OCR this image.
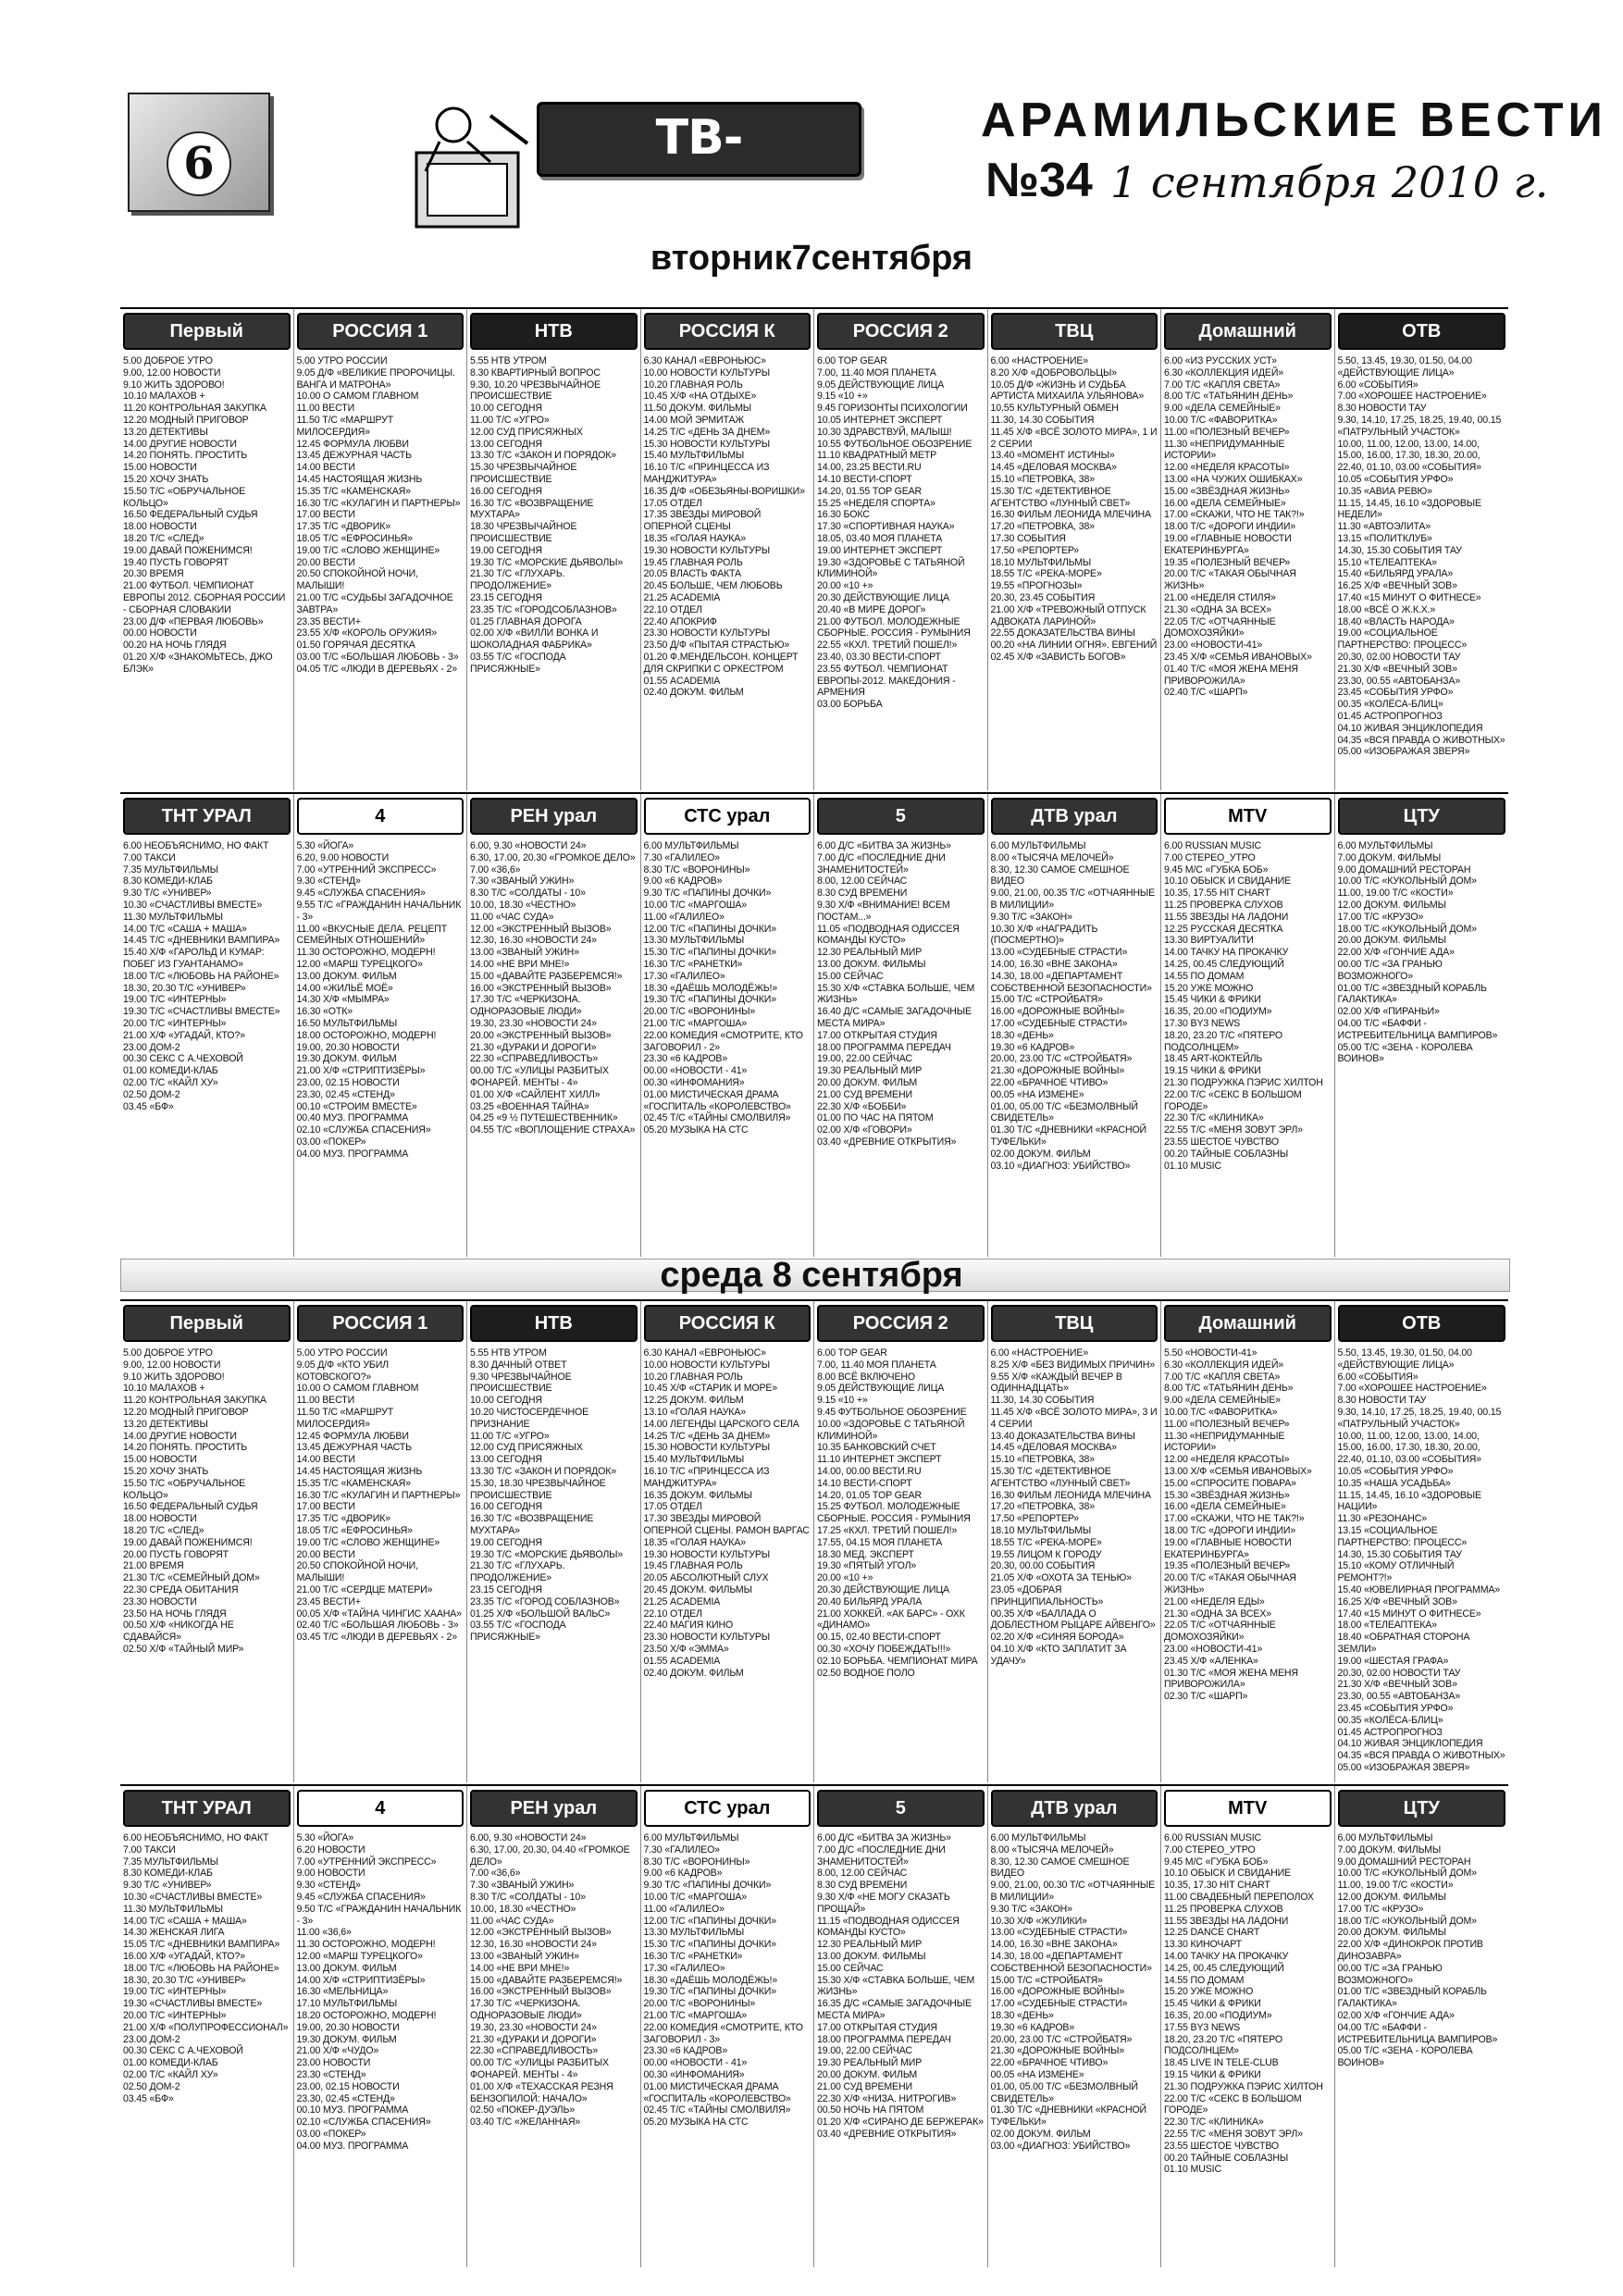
6	ТВ-программа
АРАМИЛЬСКИЕ ВЕСТИ
№34 1 сентября 2010 г.
вторник7сентября
Первый
5.00 ДОБРОЕ УТРО
9.00, 12.00 НОВОСТИ
9.10 ЖИТЬ ЗДОРОВО!
10.10 МАЛАХОВ +
11.20 КОНТРОЛЬНАЯ ЗАКУПКА
12.20 МОДНЫЙ ПРИГОВОР
13.20 ДЕТЕКТИВЫ
14.00 ДРУГИЕ НОВОСТИ
14.20 ПОНЯТЬ. ПРОСТИТЬ
15.00 НОВОСТИ
15.20 ХОЧУ ЗНАТЬ
15.50 Т/С «ОБРУЧАЛЬНОЕ КОЛЬЦО»
16.50 ФЕДЕРАЛЬНЫЙ СУДЬЯ
18.00 НОВОСТИ
18.20 Т/С «СЛЕД»
19.00 ДАВАЙ ПОЖЕНИМСЯ!
19.40 ПУСТЬ ГОВОРЯТ
20.30 ВРЕМЯ
21.00 ФУТБОЛ. ЧЕМПИОНАТ ЕВРОПЫ 2012. СБОРНАЯ РОССИИ - СБОРНАЯ СЛОВАКИИ
23.00 Д/Ф «ПЕРВАЯ ЛЮБОВЬ»
00.00 НОВОСТИ
00.20 НА НОЧЬ ГЛЯДЯ
01.20 Х/Ф «ЗНАКОМЬТЕСЬ, ДЖО БЛЭК»
РОССИЯ 1
5.00 УТРО РОССИИ
9.05 Д/Ф «ВЕЛИКИЕ ПРОРОЧИЦЫ. ВАНГА И МАТРОНА»
10.00 О САМОМ ГЛАВНОМ
11.00 ВЕСТИ
11.50 Т/С «МАРШРУТ МИЛОСЕРДИЯ»
12.45 ФОРМУЛА ЛЮБВИ
13.45 ДЕЖУРНАЯ ЧАСТЬ
14.00 ВЕСТИ
14.45 НАСТОЯЩАЯ ЖИЗНЬ
15.35 Т/С «КАМЕНСКАЯ»
16.30 Т/С «КУЛАГИН И ПАРТНЕРЫ»
17.00 ВЕСТИ
17.35 Т/С «ДВОРИК»
18.05 Т/С «ЕФРОСИНЬЯ»
19.00 Т/С «СЛОВО ЖЕНЩИНЕ»
20.00 ВЕСТИ
20.50 СПОКОЙНОЙ НОЧИ, МАЛЫШИ!
21.00 Т/С «СУДЬБЫ ЗАГАДОЧНОЕ ЗАВТРА»
23.35 ВЕСТИ+
23.55 Х/Ф «КОРОЛЬ ОРУЖИЯ»
01.50 ГОРЯЧАЯ ДЕСЯТКА
03.00 Т/С «БОЛЬШАЯ ЛЮБОВЬ - 3»
04.05 Т/С «ЛЮДИ В ДЕРЕВЬЯХ - 2»
НТВ
5.55 НТВ УТРОМ
8.30 КВАРТИРНЫЙ ВОПРОС
9.30, 10.20 ЧРЕЗВЫЧАЙНОЕ ПРОИСШЕСТВИЕ
10.00 СЕГОДНЯ
11.00 Т/С «УГРО»
12.00 СУД ПРИСЯЖНЫХ
13.00 СЕГОДНЯ
13.30 Т/С «ЗАКОН И ПОРЯДОК»
15.30 ЧРЕЗВЫЧАЙНОЕ ПРОИСШЕСТВИЕ
16.00 СЕГОДНЯ
16.30 Т/С «ВОЗВРАЩЕНИЕ МУХТАРА»
18.30 ЧРЕЗВЫЧАЙНОЕ ПРОИСШЕСТВИЕ
19.00 СЕГОДНЯ
19.30 Т/С «МОРСКИЕ ДЬЯВОЛЫ»
21.30 Т/С «ГЛУХАРЬ. ПРОДОЛЖЕНИЕ»
23.15 СЕГОДНЯ
23.35 Т/С «ГОРОДСОБЛАЗНОВ»
01.25 ГЛАВНАЯ ДОРОГА
02.00 Х/Ф «ВИЛЛИ ВОНКА И ШОКОЛАДНАЯ ФАБРИКА»
03.55 Т/С «ГОСПОДА ПРИСЯЖНЫЕ»
РОССИЯ К
6.30 КАНАЛ «ЕВРОНЬЮС»
10.00 НОВОСТИ КУЛЬТУРЫ
10.20 ГЛАВНАЯ РОЛЬ
10.45 Х/Ф «НА ОТДЫХЕ»
11.50 ДОКУМ. ФИЛЬМЫ
14.00 МОЙ ЭРМИТАЖ
14.25 Т/С «ДЕНЬ ЗА ДНЕМ»
15.30 НОВОСТИ КУЛЬТУРЫ
15.40 МУЛЬТФИЛЬМЫ
16.10 Т/С «ПРИНЦЕССА ИЗ МАНДЖИТУРА»
16.35 Д/Ф «ОБЕЗЬЯНЫ-ВОРИШКИ»
17.05 ОТДЕЛ
17.35 ЗВЕЗДЫ МИРОВОЙ ОПЕРНОЙ СЦЕНЫ
18.35 «ГОЛАЯ НАУКА»
19.30 НОВОСТИ КУЛЬТУРЫ
19.45 ГЛАВНАЯ РОЛЬ
20.05 ВЛАСТЬ ФАКТА
20.45 БОЛЬШЕ, ЧЕМ ЛЮБОВЬ
21.25 ACADEMIA
22.10 ОТДЕЛ
22.40 АПОКРИФ
23.30 НОВОСТИ КУЛЬТУРЫ
23.50 Д/Ф «ПЫТАЯ СТРАСТЬЮ»
01.20 Ф.МЕНДЕЛЬСОН. КОНЦЕРТ ДЛЯ СКРИПКИ С ОРКЕСТРОМ
01.55 ACADEMIA
02.40 ДОКУМ. ФИЛЬМ
РОССИЯ 2
6.00 TOP GEAR
7.00, 11.40 МОЯ ПЛАНЕТА
9.05 ДЕЙСТВУЮЩИЕ ЛИЦА
9.15 «10 +»
9.45 ГОРИЗОНТЫ ПСИХОЛОГИИ
10.05 ИНТЕРНЕТ ЭКСПЕРТ
10.30 ЗДРАВСТВУЙ, МАЛЫШ!
10.55 ФУТБОЛЬНОЕ ОБОЗРЕНИЕ
11.10 КВАДРАТНЫЙ МЕТР
14.00, 23.25 ВЕСТИ.RU
14.10 ВЕСТИ-СПОРТ
14.20, 01.55 TOP GEAR
15.25 «НЕДЕЛЯ СПОРТА»
16.30 БОКС
17.30 «СПОРТИВНАЯ НАУКА»
18.05, 03.40 МОЯ ПЛАНЕТА
19.00 ИНТЕРНЕТ ЭКСПЕРТ
19.30 «ЗДОРОВЬЕ С ТАТЬЯНОЙ КЛИМИНОЙ»
20.00 «10 +»
20.30 ДЕЙСТВУЮЩИЕ ЛИЦА
20.40 «В МИРЕ ДОРОГ»
21.00 ФУТБОЛ. МОЛОДЕЖНЫЕ СБОРНЫЕ. РОССИЯ - РУМЫНИЯ
22.55 «КХЛ. ТРЕТИЙ ПОШЕЛ!»
23.40, 03.30 ВЕСТИ-СПОРТ
23.55 ФУТБОЛ. ЧЕМПИОНАТ ЕВРОПЫ-2012. МАКЕДОНИЯ - АРМЕНИЯ
03.00 БОРЬБА
ТВЦ
6.00 «НАСТРОЕНИЕ»
8.20 Х/Ф «ДОБРОВОЛЬЦЫ»
10.05 Д/Ф «ЖИЗНЬ И СУДЬБА АРТИСТА МИХАИЛА УЛЬЯНОВА»
10.55 КУЛЬТУРНЫЙ ОБМЕН
11.30, 14.30 СОБЫТИЯ
11.45 Х/Ф «ВСЁ ЗОЛОТО МИРА», 1 И 2 СЕРИИ
13.40 «МОМЕНТ ИСТИНЫ»
14.45 «ДЕЛОВАЯ МОСКВА»
15.10 «ПЕТРОВКА, 38»
15.30 Т/С «ДЕТЕКТИВНОЕ АГЕНТСТВО «ЛУННЫЙ СВЕТ»
16.30 ФИЛЬМ ЛЕОНИДА МЛЕЧИНА
17.20 «ПЕТРОВКА, 38»
17.30 СОБЫТИЯ
17.50 «РЕПОРТЕР»
18.10 МУЛЬТФИЛЬМЫ
18.55 Т/С «РЕКА-МОРЕ»
19.55 «ПРОГНОЗЫ»
20.30, 23.45 СОБЫТИЯ
21.00 Х/Ф «ТРЕВОЖНЫЙ ОТПУСК АДВОКАТА ЛАРИНОЙ»
22.55 ДОКАЗАТЕЛЬСТВА ВИНЫ
00.20 «НА ЛИНИИ ОГНЯ». ЕВГЕНИЙ
02.45 Х/Ф «ЗАВИСТЬ БОГОВ»
Домашний
6.00 «ИЗ РУССКИХ УСТ»
6.30 «КОЛЛЕКЦИЯ ИДЕЙ»
7.00 Т/С «КАПЛЯ СВЕТА»
8.00 Т/С «ТАТЬЯНИН ДЕНЬ»
9.00 «ДЕЛА СЕМЕЙНЫЕ»
10.00 Т/С «ФАВОРИТКА»
11.00 «ПОЛЕЗНЫЙ ВЕЧЕР»
11.30 «НЕПРИДУМАННЫЕ ИСТОРИИ»
12.00 «НЕДЕЛЯ КРАСОТЫ»
13.00 «НА ЧУЖИХ ОШИБКАХ»
15.00 «ЗВЁЗДНАЯ ЖИЗНЬ»
16.00 «ДЕЛА СЕМЕЙНЫЕ»
17.00 «СКАЖИ, ЧТО НЕ ТАК?!»
18.00 Т/С «ДОРОГИ ИНДИИ»
19.00 «ГЛАВНЫЕ НОВОСТИ ЕКАТЕРИНБУРГА»
19.35 «ПОЛЕЗНЫЙ ВЕЧЕР»
20.00 Т/С «ТАКАЯ ОБЫЧНАЯ ЖИЗНЬ»
21.00 «НЕДЕЛЯ СТИЛЯ»
21.30 «ОДНА ЗА ВСЕХ»
22.05 Т/С «ОТЧАЯННЫЕ ДОМОХОЗЯЙКИ»
23.00 «НОВОСТИ-41»
23.45 Х/Ф «СЕМЬЯ ИВАНОВЫХ»
01.40 Т/С «МОЯ ЖЕНА МЕНЯ ПРИВОРОЖИЛА»
02.40 Т/С «ШАРП»
ОТВ
5.50, 13.45, 19.30, 01.50, 04.00 «ДЕЙСТВУЮЩИЕ ЛИЦА»
6.00 «СОБЫТИЯ»
7.00 «ХОРОШЕЕ НАСТРОЕНИЕ»
8.30 НОВОСТИ ТАУ
9.30, 14.10, 17.25, 18.25, 19.40, 00.15 «ПАТРУЛЬНЫЙ УЧАСТОК»
10.00, 11.00, 12.00, 13.00, 14.00, 15.00, 16.00, 17.30, 18.30, 20.00, 22.40, 01.10, 03.00 «СОБЫТИЯ»
10.05 «СОБЫТИЯ УРФО»
10.35 «АВИА РЕВЮ»
11.15, 14.45, 16.10 «ЗДОРОВЫЕ НЕДЕЛИ»
11.30 «АВТОЭЛИТА»
13.15 «ПОЛИТКЛУБ»
14.30, 15.30 СОБЫТИЯ ТАУ
15.10 «ТЕЛЕАПТЕКА»
15.40 «БИЛЬЯРД УРАЛА»
16.25 Х/Ф «ВЕЧНЫЙ ЗОВ»
17.40 «15 МИНУТ О ФИТНЕСЕ»
18.00 «ВСЁ О Ж.К.Х.»
18.40 «ВЛАСТЬ НАРОДА»
19.00 «СОЦИАЛЬНОЕ ПАРТНЕРСТВО: ПРОЦЕСС»
20.30, 02.00 НОВОСТИ ТАУ
21.30 Х/Ф «ВЕЧНЫЙ ЗОВ»
23.30, 00.55 «АВТОБАНЗА»
23.45 «СОБЫТИЯ УРФО»
00.35 «КОЛЁСА-БЛИЦ»
01.45 АСТРОПРОГНОЗ
04.10 ЖИВАЯ ЭНЦИКЛОПЕДИЯ
04.35 «ВСЯ ПРАВДА О ЖИВОТНЫХ»
05.00 «ИЗОБРАЖАЯ ЗВЕРЯ»
ТНТ УРАЛ
6.00 НЕОБЪЯСНИМО, НО ФАКТ
7.00 ТАКСИ
7.35 МУЛЬТФИЛЬМЫ
8.30 КОМЕДИ-КЛАБ
9.30 Т/С «УНИВЕР»
10.30 «СЧАСТЛИВЫ ВМЕСТЕ»
11.30 МУЛЬТФИЛЬМЫ
14.00 Т/С «САША + МАША»
14.45 Т/С «ДНЕВНИКИ ВАМПИРА»
15.40 Х/Ф «ГАРОЛЬД И КУМАР: ПОБЕГ ИЗ ГУАНТАНАМО»
18.00 Т/С «ЛЮБОВЬ НА РАЙОНЕ»
18.30, 20.30 Т/С «УНИВЕР»
19.00 Т/С «ИНТЕРНЫ»
19.30 Т/С «СЧАСТЛИВЫ ВМЕСТЕ»
20.00 Т/С «ИНТЕРНЫ»
21.00 Х/Ф «УГАДАЙ, КТО?»
23.00 ДОМ-2
00.30 СЕКС С А.ЧЕХОВОЙ
01.00 КОМЕДИ-КЛАБ
02.00 Т/С «КАЙЛ ХУ»
02.50 ДОМ-2
03.45 «БФ»
4
5.30 «ЙОГА»
6.20, 9.00 НОВОСТИ
7.00 «УТРЕННИЙ ЭКСПРЕСС»
9.30 «СТЕНД»
9.45 «СЛУЖБА СПАСЕНИЯ»
9.55 Т/С «ГРАЖДАНИН НАЧАЛЬНИК - 3»
11.00 «ВКУСНЫЕ ДЕЛА. РЕЦЕПТ СЕМЕЙНЫХ ОТНОШЕНИЙ»
11.30 ОСТОРОЖНО, МОДЕРН!
12.00 «МАРШ ТУРЕЦКОГО»
13.00 ДОКУМ. ФИЛЬМ
14.00 «ЖИЛЬЁ МОЁ»
14.30 Х/Ф «МЫМРА»
16.30 «ОТК»
16.50 МУЛЬТФИЛЬМЫ
18.00 ОСТОРОЖНО, МОДЕРН!
19.00, 20.30 НОВОСТИ
19.30 ДОКУМ. ФИЛЬМ
21.00 Х/Ф «СТРИПТИЗЁРЫ»
23.00, 02.15 НОВОСТИ
23.30, 02.45 «СТЕНД»
00.10 «СТРОИМ ВМЕСТЕ»
00.40 МУЗ. ПРОГРАММА
02.10 «СЛУЖБА СПАСЕНИЯ»
03.00 «ПОКЕР»
04.00 МУЗ. ПРОГРАММА
РЕН урал
6.00, 9.30 «НОВОСТИ 24»
6.30, 17.00, 20.30 «ГРОМКОЕ ДЕЛО»
7.00 «36,6»
7.30 «ЗВАНЫЙ УЖИН»
8.30 Т/С «СОЛДАТЫ - 10»
10.00, 18.30 «ЧЕСТНО»
11.00 «ЧАС СУДА»
12.00 «ЭКСТРЕННЫЙ ВЫЗОВ»
12.30, 16.30 «НОВОСТИ 24»
13.00 «ЗВАНЫЙ УЖИН»
14.00 «НЕ ВРИ МНЕ!»
15.00 «ДАВАЙТЕ РАЗБЕРЕМСЯ!»
16.00 «ЭКСТРЕННЫЙ ВЫЗОВ»
17.30 Т/С «ЧЕРКИЗОНА. ОДНОРАЗОВЫЕ ЛЮДИ»
19.30, 23.30 «НОВОСТИ 24»
20.00 «ЭКСТРЕННЫЙ ВЫЗОВ»
21.30 «ДУРАКИ И ДОРОГИ»
22.30 «СПРАВЕДЛИВОСТЬ»
00.00 Т/С «УЛИЦЫ РАЗБИТЫХ ФОНАРЕЙ. МЕНТЫ - 4»
01.00 Х/Ф «САЙЛЕНТ ХИЛЛ»
03.25 «ВОЕННАЯ ТАЙНА»
04.25 «9 ½ ПУТЕШЕСТВЕННИК»
04.55 Т/С «ВОПЛОЩЕНИЕ СТРАХА»
СТС урал
6.00 МУЛЬТФИЛЬМЫ
7.30 «ГАЛИЛЕО»
8.30 Т/С «ВОРОНИНЫ»
9.00 «6 КАДРОВ»
9.30 Т/С «ПАПИНЫ ДОЧКИ»
10.00 Т/С «МАРГОША»
11.00 «ГАЛИЛЕО»
12.00 Т/С «ПАПИНЫ ДОЧКИ»
13.30 МУЛЬТФИЛЬМЫ
15.30 Т/С «ПАПИНЫ ДОЧКИ»
16.30 Т/С «РАНЕТКИ»
17.30 «ГАЛИЛЕО»
18.30 «ДАЁШЬ МОЛОДЁЖЬ!»
19.30 Т/С «ПАПИНЫ ДОЧКИ»
20.00 Т/С «ВОРОНИНЫ»
21.00 Т/С «МАРГОША»
22.00 КОМЕДИЯ «СМОТРИТЕ, КТО ЗАГОВОРИЛ - 2»
23.30 «6 КАДРОВ»
00.00 «НОВОСТИ - 41»
00.30 «ИНФОМАНИЯ»
01.00 МИСТИЧЕСКАЯ ДРАМА «ГОСПИТАЛЬ «КОРОЛЕВСТВО»
02.45 Т/С «ТАЙНЫ СМОЛВИЛЯ»
05.20 МУЗЫКА НА СТС
5
6.00 Д/С «БИТВА ЗА ЖИЗНЬ»
7.00 Д/С «ПОСЛЕДНИЕ ДНИ ЗНАМЕНИТОСТЕЙ»
8.00, 12.00 СЕЙЧАС
8.30 СУД ВРЕМЕНИ
9.30 Х/Ф «ВНИМАНИЕ! ВСЕМ ПОСТАМ...»
11.05 «ПОДВОДНАЯ ОДИССЕЯ КОМАНДЫ КУСТО»
12.30 РЕАЛЬНЫЙ МИР
13.00 ДОКУМ. ФИЛЬМЫ
15.00 СЕЙЧАС
15.30 Х/Ф «СТАВКА БОЛЬШЕ, ЧЕМ ЖИЗНЬ»
16.40 Д/С «САМЫЕ ЗАГАДОЧНЫЕ МЕСТА МИРА»
17.00 ОТКРЫТАЯ СТУДИЯ
18.00 ПРОГРАММА ПЕРЕДАЧ
19.00, 22.00 СЕЙЧАС
19.30 РЕАЛЬНЫЙ МИР
20.00 ДОКУМ. ФИЛЬМ
21.00 СУД ВРЕМЕНИ
22.30 Х/Ф «БОББИ»
01.00 ПО ЧАС НА ПЯТОМ
02.00 Х/Ф «ГОВОРИ»
03.40 «ДРЕВНИЕ ОТКРЫТИЯ»
ДТВ урал
6.00 МУЛЬТФИЛЬМЫ
8.00 «ТЫСЯЧА МЕЛОЧЕЙ»
8.30, 12.30 САМОЕ СМЕШНОЕ ВИДЕО
9.00, 21.00, 00.35 Т/С «ОТЧАЯННЫЕ В МИЛИЦИИ»
9.30 Т/С «ЗАКОН»
10.30 Х/Ф «НАГРАДИТЬ (ПОСМЕРТНО)»
13.00 «СУДЕБНЫЕ СТРАСТИ»
14.00, 16.30 «ВНЕ ЗАКОНА»
14.30, 18.00 «ДЕПАРТАМЕНТ СОБСТВЕННОЙ БЕЗОПАСНОСТИ»
15.00 Т/С «СТРОЙБАТЯ»
16.00 «ДОРОЖНЫЕ ВОЙНЫ»
17.00 «СУДЕБНЫЕ СТРАСТИ»
18.30 «ДЕНЬ»
19.30 «6 КАДРОВ»
20.00, 23.00 Т/С «СТРОЙБАТЯ»
21.30 «ДОРОЖНЫЕ ВОЙНЫ»
22.00 «БРАЧНОЕ ЧТИВО»
00.05 «НА ИЗМЕНЕ»
01.00, 05.00 Т/С «БЕЗМОЛВНЫЙ СВИДЕТЕЛЬ»
01.30 Т/С «ДНЕВНИКИ «КРАСНОЙ ТУФЕЛЬКИ»
02.00 ДОКУМ. ФИЛЬМ
03.10 «ДИАГНОЗ: УБИЙСТВО»
MTV
6.00 RUSSIAN MUSIC
7.00 СТЕРЕО_УТРО
9.45 М/С «ГУБКА БОБ»
10.10 ОБЫСК И СВИДАНИЕ
10.35, 17.55 HIT CHART
11.25 ПРОВЕРКА СЛУХОВ
11.55 ЗВЕЗДЫ НА ЛАДОНИ
12.25 РУССКАЯ ДЕСЯТКА
13.30 ВИРТУАЛИТИ
14.00 ТАЧКУ НА ПРОКАЧКУ
14.25, 00.45 СЛЕДУЮЩИЙ
14.55 ПО ДОМАМ
15.20 УЖЕ МОЖНО
15.45 ЧИКИ & ФРИКИ
16.35, 20.00 «ПОДИУМ»
17.30 BY3 NEWS
18.20, 23.20 Т/С «ПЯТЕРО ПОДСОЛНЦЕМ»
18.45 ART-КОКТЕЙЛЬ
19.15 ЧИКИ & ФРИКИ
21.30 ПОДРУЖКА ПЭРИС ХИЛТОН
22.00 Т/С «СЕКС В БОЛЬШОМ ГОРОДЕ»
22.30 Т/С «КЛИНИКА»
22.55 Т/С «МЕНЯ ЗОВУТ ЭРЛ»
23.55 ШЕСТОЕ ЧУВСТВО
00.20 ТАЙНЫЕ СОБЛАЗНЫ
01.10 MUSIC
ЦТУ
6.00 МУЛЬТФИЛЬМЫ
7.00 ДОКУМ. ФИЛЬМЫ
9.00 ДОМАШНИЙ РЕСТОРАН
10.00 Т/С «КУКОЛЬНЫЙ ДОМ»
11.00, 19.00 Т/С «КОСТИ»
12.00 ДОКУМ. ФИЛЬМЫ
17.00 Т/С «КРУЗО»
18.00 Т/С «КУКОЛЬНЫЙ ДОМ»
20.00 ДОКУМ. ФИЛЬМЫ
22.00 Х/Ф «ГОНЧИЕ АДА»
00.00 Т/С «ЗА ГРАНЬЮ ВОЗМОЖНОГО»
01.00 Т/С «ЗВЕЗДНЫЙ КОРАБЛЬ ГАЛАКТИКА»
02.00 Х/Ф «ПИРАНЬИ»
04.00 Т/С «БАФФИ - ИСТРЕБИТЕЛЬНИЦА ВАМПИРОВ»
05.00 Т/С «ЗЕНА - КОРОЛЕВА ВОИНОВ»
среда 8 сентября
Первый
5.00 ДОБРОЕ УТРО
9.00, 12.00 НОВОСТИ
9.10 ЖИТЬ ЗДОРОВО!
10.10 МАЛАХОВ +
11.20 КОНТРОЛЬНАЯ ЗАКУПКА
12.20 МОДНЫЙ ПРИГОВОР
13.20 ДЕТЕКТИВЫ
14.00 ДРУГИЕ НОВОСТИ
14.20 ПОНЯТЬ. ПРОСТИТЬ
15.00 НОВОСТИ
15.20 ХОЧУ ЗНАТЬ
15.50 Т/С «ОБРУЧАЛЬНОЕ КОЛЬЦО»
16.50 ФЕДЕРАЛЬНЫЙ СУДЬЯ
18.00 НОВОСТИ
18.20 Т/С «СЛЕД»
19.00 ДАВАЙ ПОЖЕНИМСЯ!
20.00 ПУСТЬ ГОВОРЯТ
21.00 ВРЕМЯ
21.30 Т/С «СЕМЕЙНЫЙ ДОМ»
22.30 СРЕДА ОБИТАНИЯ
23.30 НОВОСТИ
23.50 НА НОЧЬ ГЛЯДЯ
00.50 Х/Ф «НИКОГДА НЕ СДАВАЙСЯ»
02.50 Х/Ф «ТАЙНЫЙ МИР»
РОССИЯ 1
5.00 УТРО РОССИИ
9.05 Д/Ф «КТО УБИЛ КОТОВСКОГО?»
10.00 О САМОМ ГЛАВНОМ
11.00 ВЕСТИ
11.50 Т/С «МАРШРУТ МИЛОСЕРДИЯ»
12.45 ФОРМУЛА ЛЮБВИ
13.45 ДЕЖУРНАЯ ЧАСТЬ
14.00 ВЕСТИ
14.45 НАСТОЯЩАЯ ЖИЗНЬ
15.35 Т/С «КАМЕНСКАЯ»
16.30 Т/С «КУЛАГИН И ПАРТНЕРЫ»
17.00 ВЕСТИ
17.35 Т/С «ДВОРИК»
18.05 Т/С «ЕФРОСИНЬЯ»
19.00 Т/С «СЛОВО ЖЕНЩИНЕ»
20.00 ВЕСТИ
20.50 СПОКОЙНОЙ НОЧИ, МАЛЫШИ!
21.00 Т/С «СЕРДЦЕ МАТЕРИ»
23.45 ВЕСТИ+
00.05 Х/Ф «ТАЙНА ЧИНГИС ХААНА»
02.40 Т/С «БОЛЬШАЯ ЛЮБОВЬ - 3»
03.45 Т/С «ЛЮДИ В ДЕРЕВЬЯХ - 2»
НТВ
5.55 НТВ УТРОМ
8.30 ДАЧНЫЙ ОТВЕТ
9.30 ЧРЕЗВЫЧАЙНОЕ ПРОИСШЕСТВИЕ
10.00 СЕГОДНЯ
10.20 ЧИСТОСЕРДЕЧНОЕ ПРИЗНАНИЕ
11.00 Т/С «УГРО»
12.00 СУД ПРИСЯЖНЫХ
13.00 СЕГОДНЯ
13.30 Т/С «ЗАКОН И ПОРЯДОК»
15.30, 18.30 ЧРЕЗВЫЧАЙНОЕ ПРОИСШЕСТВИЕ
16.00 СЕГОДНЯ
16.30 Т/С «ВОЗВРАЩЕНИЕ МУХТАРА»
19.00 СЕГОДНЯ
19.30 Т/С «МОРСКИЕ ДЬЯВОЛЫ»
21.30 Т/С «ГЛУХАРЬ. ПРОДОЛЖЕНИЕ»
23.15 СЕГОДНЯ
23.35 Т/С «ГОРОД СОБЛАЗНОВ»
01.25 Х/Ф «БОЛЬШОЙ ВАЛЬС»
03.55 Т/С «ГОСПОДА ПРИСЯЖНЫЕ»
РОССИЯ К
6.30 КАНАЛ «ЕВРОНЬЮС»
10.00 НОВОСТИ КУЛЬТУРЫ
10.20 ГЛАВНАЯ РОЛЬ
10.45 Х/Ф «СТАРИК И МОРЕ»
12.25 ДОКУМ. ФИЛЬМ
13.10 «ГОЛАЯ НАУКА»
14.00 ЛЕГЕНДЫ ЦАРСКОГО СЕЛА
14.25 Т/С «ДЕНЬ ЗА ДНЕМ»
15.30 НОВОСТИ КУЛЬТУРЫ
15.40 МУЛЬТФИЛЬМЫ
16.10 Т/С «ПРИНЦЕССА ИЗ МАНДЖИТУРА»
16.35 ДОКУМ. ФИЛЬМЫ
17.05 ОТДЕЛ
17.30 ЗВЕЗДЫ МИРОВОЙ ОПЕРНОЙ СЦЕНЫ. РАМОН ВАРГАС
18.35 «ГОЛАЯ НАУКА»
19.30 НОВОСТИ КУЛЬТУРЫ
19.45 ГЛАВНАЯ РОЛЬ
20.05 АБСОЛЮТНЫЙ СЛУХ
20.45 ДОКУМ. ФИЛЬМЫ
21.25 ACADEMIA
22.10 ОТДЕЛ
22.40 МАГИЯ КИНО
23.30 НОВОСТИ КУЛЬТУРЫ
23.50 Х/Ф «ЭММА»
01.55 ACADEMIA
02.40 ДОКУМ. ФИЛЬМ
РОССИЯ 2
6.00 TOP GEAR
7.00, 11.40 МОЯ ПЛАНЕТА
8.00 ВСЁ ВКЛЮЧЕНО
9.05 ДЕЙСТВУЮЩИЕ ЛИЦА
9.15 «10 +»
9.45 ФУТБОЛЬНОЕ ОБОЗРЕНИЕ
10.00 «ЗДОРОВЬЕ С ТАТЬЯНОЙ КЛИМИНОЙ»
10.35 БАНКОВСКИЙ СЧЕТ
11.10 ИНТЕРНЕТ ЭКСПЕРТ
14.00, 00.00 ВЕСТИ.RU
14.10 ВЕСТИ-СПОРТ
14.20, 01.05 TOP GEAR
15.25 ФУТБОЛ. МОЛОДЕЖНЫЕ СБОРНЫЕ. РОССИЯ - РУМЫНИЯ
17.25 «КХЛ. ТРЕТИЙ ПОШЕЛ!»
17.55, 04.15 МОЯ ПЛАНЕТА
18.30 МЕД. ЭКСПЕРТ
19.30 «ПЯТЫЙ УГОЛ»
20.00 «10 +»
20.30 ДЕЙСТВУЮЩИЕ ЛИЦА
20.40 БИЛЬЯРД УРАЛА
21.00 ХОККЕЙ. «АК БАРС» - ОХК «ДИНАМО»
00.15, 02.40 ВЕСТИ-СПОРТ
00.30 «ХОЧУ ПОБЕЖДАТЬ!!!»
02.10 БОРЬБА. ЧЕМПИОНАТ МИРА
02.50 ВОДНОЕ ПОЛО
ТВЦ
6.00 «НАСТРОЕНИЕ»
8.25 Х/Ф «БЕЗ ВИДИМЫХ ПРИЧИН»
9.55 Х/Ф «КАЖДЫЙ ВЕЧЕР В ОДИННАДЦАТЬ»
11.30, 14.30 СОБЫТИЯ
11.45 Х/Ф «ВСЁ ЗОЛОТО МИРА», 3 И 4 СЕРИИ
13.40 ДОКАЗАТЕЛЬСТВА ВИНЫ
14.45 «ДЕЛОВАЯ МОСКВА»
15.10 «ПЕТРОВКА, 38»
15.30 Т/С «ДЕТЕКТИВНОЕ АГЕНТСТВО «ЛУННЫЙ СВЕТ»
16.30 ФИЛЬМ ЛЕОНИДА МЛЕЧИНА
17.20 «ПЕТРОВКА, 38»
17.50 «РЕПОРТЕР»
18.10 МУЛЬТФИЛЬМЫ
18.55 Т/С «РЕКА-МОРЕ»
19.55 ЛИЦОМ К ГОРОДУ
20.30, 00.00 СОБЫТИЯ
21.05 Х/Ф «ОХОТА ЗА ТЕНЬЮ»
23.05 «ДОБРАЯ ПРИНЦИПИАЛЬНОСТЬ»
00.35 Х/Ф «БАЛЛАДА О ДОБЛЕСТНОМ РЫЦАРЕ АЙВЕНГО»
02.20 Х/Ф «СИНЯЯ БОРОДА»
04.10 Х/Ф «КТО ЗАПЛАТИТ ЗА УДАЧУ»
Домашний
5.50 «НОВОСТИ-41»
6.30 «КОЛЛЕКЦИЯ ИДЕЙ»
7.00 Т/С «КАПЛЯ СВЕТА»
8.00 Т/С «ТАТЬЯНИН ДЕНЬ»
9.00 «ДЕЛА СЕМЕЙНЫЕ»
10.00 Т/С «ФАВОРИТКА»
11.00 «ПОЛЕЗНЫЙ ВЕЧЕР»
11.30 «НЕПРИДУМАННЫЕ ИСТОРИИ»
12.00 «НЕДЕЛЯ КРАСОТЫ»
13.00 Х/Ф «СЕМЬЯ ИВАНОВЫХ»
15.00 «СПРОСИТЕ ПОВАРА»
15.30 «ЗВЁЗДНАЯ ЖИЗНЬ»
16.00 «ДЕЛА СЕМЕЙНЫЕ»
17.00 «СКАЖИ, ЧТО НЕ ТАК?!»
18.00 Т/С «ДОРОГИ ИНДИИ»
19.00 «ГЛАВНЫЕ НОВОСТИ ЕКАТЕРИНБУРГА»
19.35 «ПОЛЕЗНЫЙ ВЕЧЕР»
20.00 Т/С «ТАКАЯ ОБЫЧНАЯ ЖИЗНЬ»
21.00 «НЕДЕЛЯ ЕДЫ»
21.30 «ОДНА ЗА ВСЕХ»
22.05 Т/С «ОТЧАЯННЫЕ ДОМОХОЗЯЙКИ»
23.00 «НОВОСТИ-41»
23.45 Х/Ф «АЛЕНКА»
01.30 Т/С «МОЯ ЖЕНА МЕНЯ ПРИВОРОЖИЛА»
02.30 Т/С «ШАРП»
ОТВ
5.50, 13.45, 19.30, 01.50, 04.00 «ДЕЙСТВУЮЩИЕ ЛИЦА»
6.00 «СОБЫТИЯ»
7.00 «ХОРОШЕЕ НАСТРОЕНИЕ»
8.30 НОВОСТИ ТАУ
9.30, 14.10, 17.25, 18.25, 19.40, 00.15 «ПАТРУЛЬНЫЙ УЧАСТОК»
10.00, 11.00, 12.00, 13.00, 14.00, 15.00, 16.00, 17.30, 18.30, 20.00, 22.40, 01.10, 03.00 «СОБЫТИЯ»
10.05 «СОБЫТИЯ УРФО»
10.35 «НАША УСАДЬБА»
11.15, 14.45, 16.10 «ЗДОРОВЫЕ НАЦИИ»
11.30 «РЕЗОНАНС»
13.15 «СОЦИАЛЬНОЕ ПАРТНЕРСТВО: ПРОЦЕСС»
14.30, 15.30 СОБЫТИЯ ТАУ
15.10 «КОМУ ОТЛИЧНЫЙ РЕМОНТ?!»
15.40 «ЮВЕЛИРНАЯ ПРОГРАММА»
16.25 Х/Ф «ВЕЧНЫЙ ЗОВ»
17.40 «15 МИНУТ О ФИТНЕСЕ»
18.00 «ТЕЛЕАПТЕКА»
18.40 «ОБРАТНАЯ СТОРОНА ЗЕМЛИ»
19.00 «ШЕСТАЯ ГРАФА»
20.30, 02.00 НОВОСТИ ТАУ
21.30 Х/Ф «ВЕЧНЫЙ ЗОВ»
23.30, 00.55 «АВТОБАНЗА»
23.45 «СОБЫТИЯ УРФО»
00.35 «КОЛЁСА-БЛИЦ»
01.45 АСТРОПРОГНОЗ
04.10 ЖИВАЯ ЭНЦИКЛОПЕДИЯ
04.35 «ВСЯ ПРАВДА О ЖИВОТНЫХ»
05.00 «ИЗОБРАЖАЯ ЗВЕРЯ»
ТНТ УРАЛ
6.00 НЕОБЪЯСНИМО, НО ФАКТ
7.00 ТАКСИ
7.35 МУЛЬТФИЛЬМЫ
8.30 КОМЕДИ-КЛАБ
9.30 Т/С «УНИВЕР»
10.30 «СЧАСТЛИВЫ ВМЕСТЕ»
11.30 МУЛЬТФИЛЬМЫ
14.00 Т/С «САША + МАША»
14.30 ЖЕНСКАЯ ЛИГА
15.05 Т/С «ДНЕВНИКИ ВАМПИРА»
16.00 Х/Ф «УГАДАЙ, КТО?»
18.00 Т/С «ЛЮБОВЬ НА РАЙОНЕ»
18.30, 20.30 Т/С «УНИВЕР»
19.00 Т/С «ИНТЕРНЫ»
19.30 «СЧАСТЛИВЫ ВМЕСТЕ»
20.00 Т/С «ИНТЕРНЫ»
21.00 Х/Ф «ПОЛУПРОФЕССИОНАЛ»
23.00 ДОМ-2
00.30 СЕКС С А.ЧЕХОВОЙ
01.00 КОМЕДИ-КЛАБ
02.00 Т/С «КАЙЛ ХУ»
02.50 ДОМ-2
03.45 «БФ»
4
5.30 «ЙОГА»
6.20 НОВОСТИ
7.00 «УТРЕННИЙ ЭКСПРЕСС»
9.00 НОВОСТИ
9.30 «СТЕНД»
9.45 «СЛУЖБА СПАСЕНИЯ»
9.50 Т/С «ГРАЖДАНИН НАЧАЛЬНИК - 3»
11.00 «36,6»
11.30 ОСТОРОЖНО, МОДЕРН!
12.00 «МАРШ ТУРЕЦКОГО»
13.00 ДОКУМ. ФИЛЬМ
14.00 Х/Ф «СТРИПТИЗЁРЫ»
16.30 «МЕЛЬНИЦА»
17.10 МУЛЬТФИЛЬМЫ
18.20 ОСТОРОЖНО, МОДЕРН!
19.00, 20.30 НОВОСТИ
19.30 ДОКУМ. ФИЛЬМ
21.00 Х/Ф «ЧУДО»
23.00 НОВОСТИ
23.30 «СТЕНД»
23.00, 02.15 НОВОСТИ
23.30, 02.45 «СТЕНД»
00.10 МУЗ. ПРОГРАММА
02.10 «СЛУЖБА СПАСЕНИЯ»
03.00 «ПОКЕР»
04.00 МУЗ. ПРОГРАММА
РЕН урал
6.00, 9.30 «НОВОСТИ 24»
6.30, 17.00, 20.30, 04.40 «ГРОМКОЕ ДЕЛО»
7.00 «36,6»
7.30 «ЗВАНЫЙ УЖИН»
8.30 Т/С «СОЛДАТЫ - 10»
10.00, 18.30 «ЧЕСТНО»
11.00 «ЧАС СУДА»
12.00 «ЭКСТРЕННЫЙ ВЫЗОВ»
12.30, 16.30 «НОВОСТИ 24»
13.00 «ЗВАНЫЙ УЖИН»
14.00 «НЕ ВРИ МНЕ!»
15.00 «ДАВАЙТЕ РАЗБЕРЕМСЯ!»
16.00 «ЭКСТРЕННЫЙ ВЫЗОВ»
17.30 Т/С «ЧЕРКИЗОНА. ОДНОРАЗОВЫЕ ЛЮДИ»
19.30, 23.30 «НОВОСТИ 24»
21.30 «ДУРАКИ И ДОРОГИ»
22.30 «СПРАВЕДЛИВОСТЬ»
00.00 Т/С «УЛИЦЫ РАЗБИТЫХ ФОНАРЕЙ. МЕНТЫ - 4»
01.00 Х/Ф «ТЕХАССКАЯ РЕЗНЯ БЕНЗОПИЛОЙ: НАЧАЛО»
02.50 «ПОКЕР-ДУЭЛЬ»
03.40 Т/С «ЖЕЛАННАЯ»
СТС урал
6.00 МУЛЬТФИЛЬМЫ
7.30 «ГАЛИЛЕО»
8.30 Т/С «ВОРОНИНЫ»
9.00 «6 КАДРОВ»
9.30 Т/С «ПАПИНЫ ДОЧКИ»
10.00 Т/С «МАРГОША»
11.00 «ГАЛИЛЕО»
12.00 Т/С «ПАПИНЫ ДОЧКИ»
13.30 МУЛЬТФИЛЬМЫ
15.30 Т/С «ПАПИНЫ ДОЧКИ»
16.30 Т/С «РАНЕТКИ»
17.30 «ГАЛИЛЕО»
18.30 «ДАЁШЬ МОЛОДЁЖЬ!»
19.30 Т/С «ПАПИНЫ ДОЧКИ»
20.00 Т/С «ВОРОНИНЫ»
21.00 Т/С «МАРГОША»
22.00 КОМЕДИЯ «СМОТРИТЕ, КТО ЗАГОВОРИЛ - 3»
23.30 «6 КАДРОВ»
00.00 «НОВОСТИ - 41»
00.30 «ИНФОМАНИЯ»
01.00 МИСТИЧЕСКАЯ ДРАМА «ГОСПИТАЛЬ «КОРОЛЕВСТВО»
02.45 Т/С «ТАЙНЫ СМОЛВИЛЯ»
05.20 МУЗЫКА НА СТС
5
6.00 Д/С «БИТВА ЗА ЖИЗНЬ»
7.00 Д/С «ПОСЛЕДНИЕ ДНИ ЗНАМЕНИТОСТЕЙ»
8.00, 12.00 СЕЙЧАС
8.30 СУД ВРЕМЕНИ
9.30 Х/Ф «НЕ МОГУ СКАЗАТЬ ПРОЩАЙ»
11.15 «ПОДВОДНАЯ ОДИССЕЯ КОМАНДЫ КУСТО»
12.30 РЕАЛЬНЫЙ МИР
13.00 ДОКУМ. ФИЛЬМЫ
15.00 СЕЙЧАС
15.30 Х/Ф «СТАВКА БОЛЬШЕ, ЧЕМ ЖИЗНЬ»
16.35 Д/С «САМЫЕ ЗАГАДОЧНЫЕ МЕСТА МИРА»
17.00 ОТКРЫТАЯ СТУДИЯ
18.00 ПРОГРАММА ПЕРЕДАЧ
19.00, 22.00 СЕЙЧАС
19.30 РЕАЛЬНЫЙ МИР
20.00 ДОКУМ. ФИЛЬМ
21.00 СУД ВРЕМЕНИ
22.30 Х/Ф «НИЗА. НИТРОГИВ»
00.50 НОЧЬ НА ПЯТОМ
01.20 Х/Ф «СИРАНО ДЕ БЕРЖЕРАК»
03.40 «ДРЕВНИЕ ОТКРЫТИЯ»
ДТВ урал
6.00 МУЛЬТФИЛЬМЫ
8.00 «ТЫСЯЧА МЕЛОЧЕЙ»
8.30, 12.30 САМОЕ СМЕШНОЕ ВИДЕО
9.00, 21.00, 00.30 Т/С «ОТЧАЯННЫЕ В МИЛИЦИИ»
9.30 Т/С «ЗАКОН»
10.30 Х/Ф «ЖУЛИКИ»
13.00 «СУДЕБНЫЕ СТРАСТИ»
14.00, 16.30 «ВНЕ ЗАКОНА»
14.30, 18.00 «ДЕПАРТАМЕНТ СОБСТВЕННОЙ БЕЗОПАСНОСТИ»
15.00 Т/С «СТРОЙБАТЯ»
16.00 «ДОРОЖНЫЕ ВОЙНЫ»
17.00 «СУДЕБНЫЕ СТРАСТИ»
18.30 «ДЕНЬ»
19.30 «6 КАДРОВ»
20.00, 23.00 Т/С «СТРОЙБАТЯ»
21.30 «ДОРОЖНЫЕ ВОЙНЫ»
22.00 «БРАЧНОЕ ЧТИВО»
00.05 «НА ИЗМЕНЕ»
01.00, 05.00 Т/С «БЕЗМОЛВНЫЙ СВИДЕТЕЛЬ»
01.30 Т/С «ДНЕВНИКИ «КРАСНОЙ ТУФЕЛЬКИ»
02.00 ДОКУМ. ФИЛЬМ
03.00 «ДИАГНОЗ: УБИЙСТВО»
MTV
6.00 RUSSIAN MUSIC
7.00 СТЕРЕО_УТРО
9.45 М/С «ГУБКА БОБ»
10.10 ОБЫСК И СВИДАНИЕ
10.35, 17.30 HIT CHART
11.00 СВАДЕБНЫЙ ПЕРЕПОЛОХ
11.25 ПРОВЕРКА СЛУХОВ
11.55 ЗВЕЗДЫ НА ЛАДОНИ
12.25 DANCE CHART
13.30 КИНОЧАРТ
14.00 ТАЧКУ НА ПРОКАЧКУ
14.25, 00.45 СЛЕДУЮЩИЙ
14.55 ПО ДОМАМ
15.20 УЖЕ МОЖНО
15.45 ЧИКИ & ФРИКИ
16.35, 20.00 «ПОДИУМ»
17.55 BY3 NEWS
18.20, 23.20 Т/С «ПЯТЕРО ПОДСОЛНЦЕМ»
18.45 LIVE IN TELE-CLUB
19.15 ЧИКИ & ФРИКИ
21.30 ПОДРУЖКА ПЭРИС ХИЛТОН
22.00 Т/С «СЕКС В БОЛЬШОМ ГОРОДЕ»
22.30 Т/С «КЛИНИКА»
22.55 Т/С «МЕНЯ ЗОВУТ ЭРЛ»
23.55 ШЕСТОЕ ЧУВСТВО
00.20 ТАЙНЫЕ СОБЛАЗНЫ
01.10 MUSIC
ЦТУ
6.00 МУЛЬТФИЛЬМЫ
7.00 ДОКУМ. ФИЛЬМЫ
9.00 ДОМАШНИЙ РЕСТОРАН
10.00 Т/С «КУКОЛЬНЫЙ ДОМ»
11.00, 19.00 Т/С «КОСТИ»
12.00 ДОКУМ. ФИЛЬМЫ
17.00 Т/С «КРУЗО»
18.00 Т/С «КУКОЛЬНЫЙ ДОМ»
20.00 ДОКУМ. ФИЛЬМЫ
22.00 Х/Ф «ДИНОКРОК ПРОТИВ ДИНОЗАВРА»
00.00 Т/С «ЗА ГРАНЬЮ ВОЗМОЖНОГО»
01.00 Т/С «ЗВЕЗДНЫЙ КОРАБЛЬ ГАЛАКТИКА»
02.00 Х/Ф «ГОНЧИЕ АДА»
04.00 Т/С «БАФФИ - ИСТРЕБИТЕЛЬНИЦА ВАМПИРОВ»
05.00 Т/С «ЗЕНА - КОРОЛЕВА ВОИНОВ»
